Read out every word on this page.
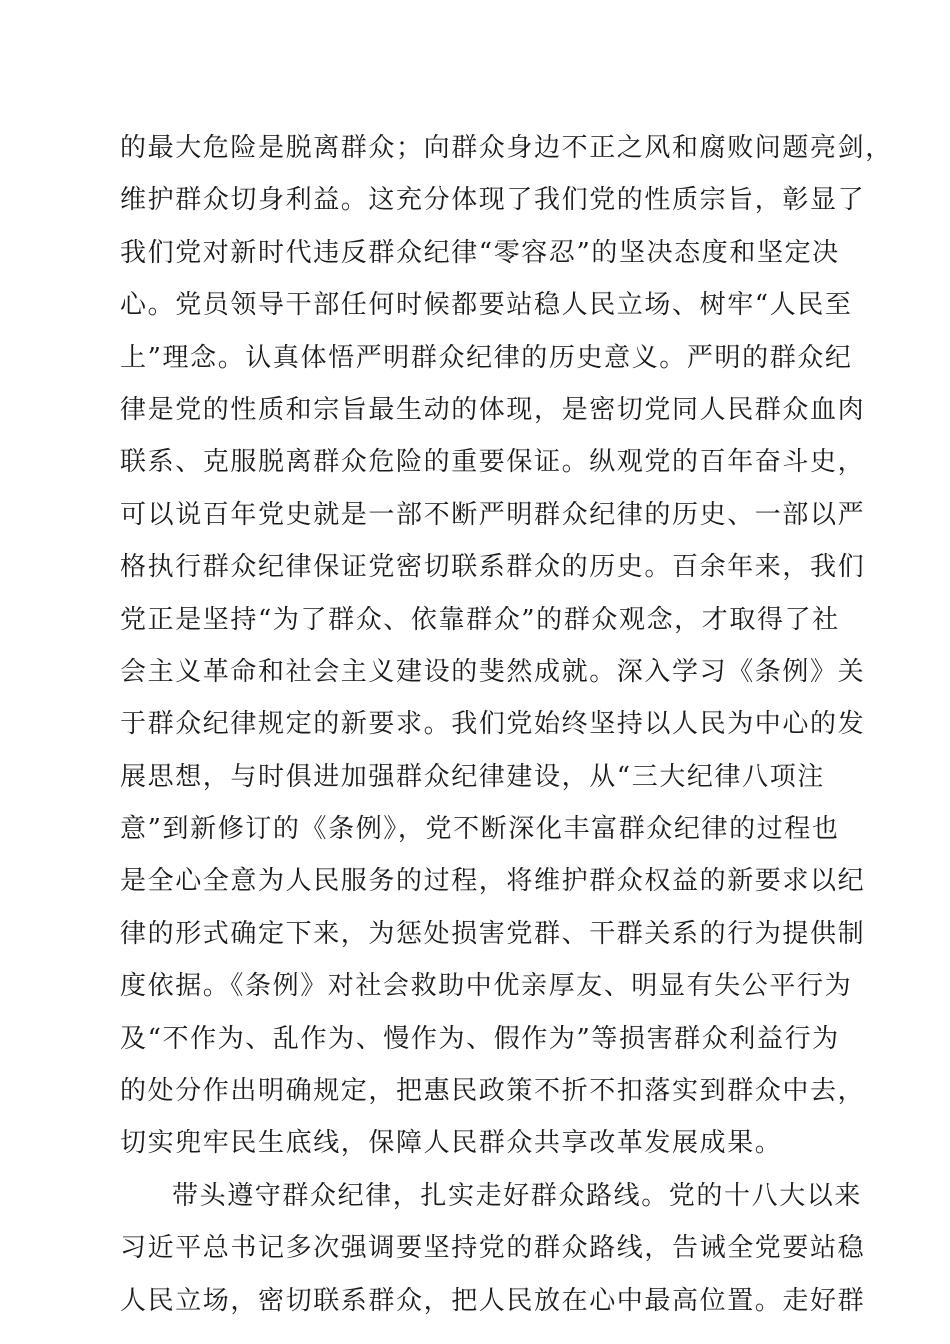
的最大危险是脱离群众；向群众身边不正之风和腐败问题亮剑，
维护群众切身利益。这充分体现了我们党的性质宗旨，彰显了
我们党对新时代违反群众纪律“零容忍”的坚决态度和坚定决
心。党员领导干部任何时候都要站稳人民立场、树牢“人民至
上”理念。认真体悟严明群众纪律的历史意义。严明的群众纪
律是党的性质和宗旨最生动的体现，是密切党同人民群众血肉
联系、克服脱离群众危险的重要保证。纵观党的百年奋斗史，
可以说百年党史就是一部不断严明群众纪律的历史、一部以严
格执行群众纪律保证党密切联系群众的历史。百余年来，我们
党正是坚持“为了群众、依靠群众”的群众观念，才取得了社
会主义革命和社会主义建设的斐然成就。深入学习《条例》关
于群众纪律规定的新要求。我们党始终坚持以人民为中心的发
展思想，与时俱进加强群众纪律建设，从“三大纪律八项注
意”到新修订的《条例》，党不断深化丰富群众纪律的过程也
是全心全意为人民服务的过程，将维护群众权益的新要求以纪
律的形式确定下来，为惩处损害党群、干群关系的行为提供制
度依据。《条例》对社会救助中优亲厚友、明显有失公平行为
及“不作为、乱作为、慢作为、假作为”等损害群众利益行为
的处分作出明确规定，把惠民政策不折不扣落实到群众中去，
切实兜牢民生底线，保障人民群众共享改革发展成果。
带头遵守群众纪律，扎实走好群众路线。党的十八大以来
习近平总书记多次强调要坚持党的群众路线，告诫全党要站稳
人民立场，密切联系群众，把人民放在心中最高位置。走好群
